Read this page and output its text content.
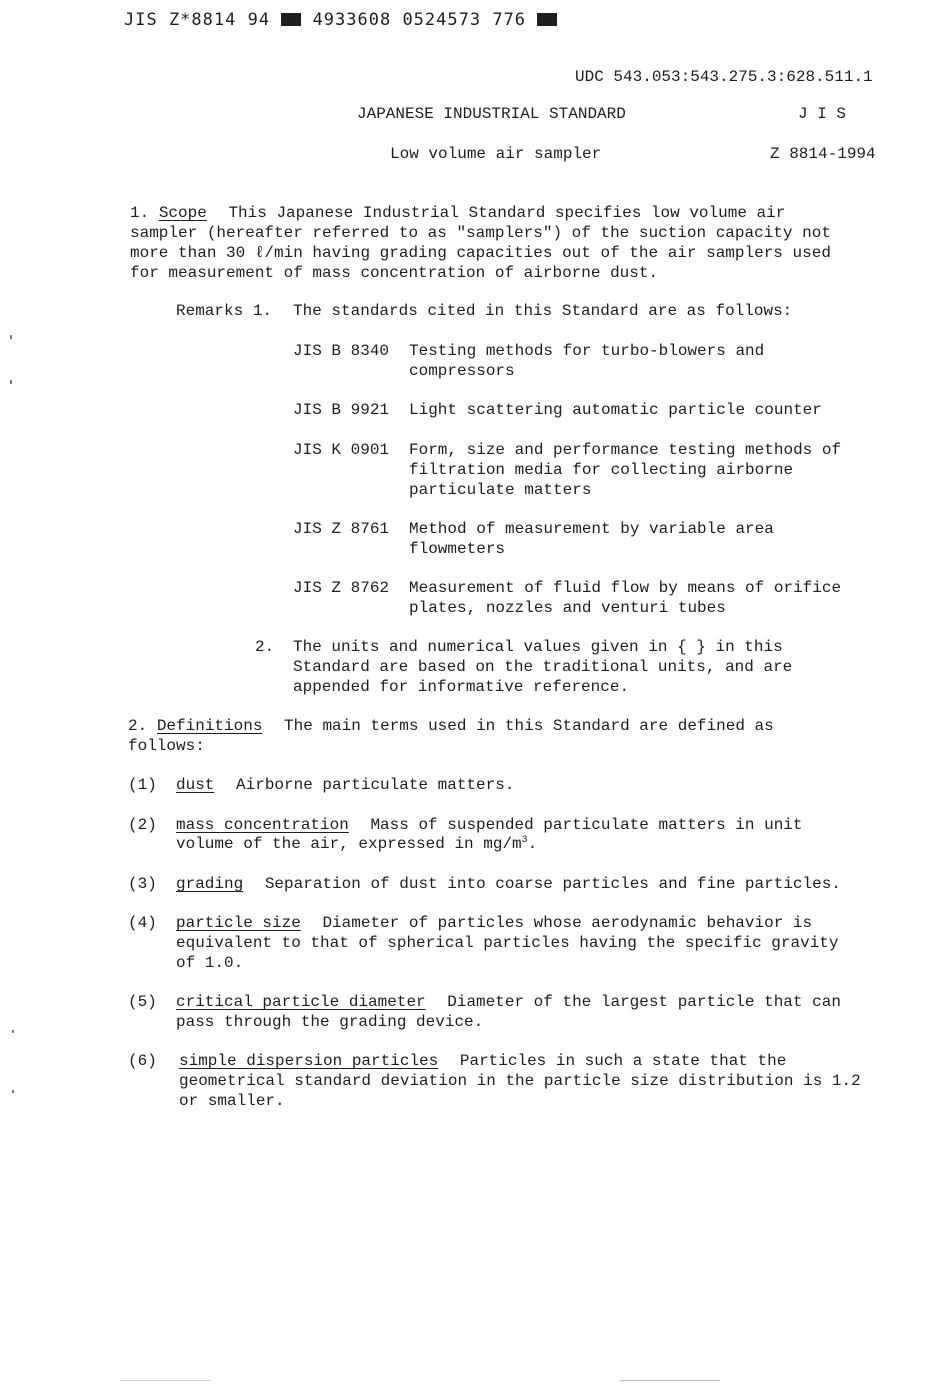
JIS Z*8814 94	4933608 0524573 776
UDC 543.053:543.275.3:628.511.1
JAPANESE INDUSTRIAL STANDARD	J I S
Low volume air sampler	Z 8814-1994
1. Scope This Japanese Industrial Standard specifies low volume air
sampler (hereafter referred to as "samplers") of the suction capacity not
more than 30 ℓ/min having grading capacities out of the air samplers used
for measurement of mass concentration of airborne dust.
Remarks 1. The standards cited in this Standard are as follows:
JIS B 8340 Testing methods for turbo-blowers and
compressors
JIS B 9921 Light scattering automatic particle counter
JIS K 0901 Form, size and performance testing methods of
filtration media for collecting airborne
particulate matters
JIS Z 8761 Method of measurement by variable area
flowmeters
JIS Z 8762 Measurement of fluid flow by means of orifice
plates, nozzles and venturi tubes
2. The units and numerical values given in { } in this
Standard are based on the traditional units, and are
appended for informative reference.
2. Definitions The main terms used in this Standard are defined as
follows:
(1) dust Airborne particulate matters.
(2) mass concentration Mass of suspended particulate matters in unit
volume of the air, expressed in $mg/m^3$.
(3) grading Separation of dust into coarse particles and fine particles.
(4) particle size Diameter of particles whose aerodynamic behavior is
equivalent to that of spherical particles having the specific gravity
of 1.0.
(5) critical particle diameter Diameter of the largest particle that can
pass through the grading device.
(6) simple dispersion particles Particles in such a state that the
geometrical standard deviation in the particle size distribution is 1.2
or smaller.
